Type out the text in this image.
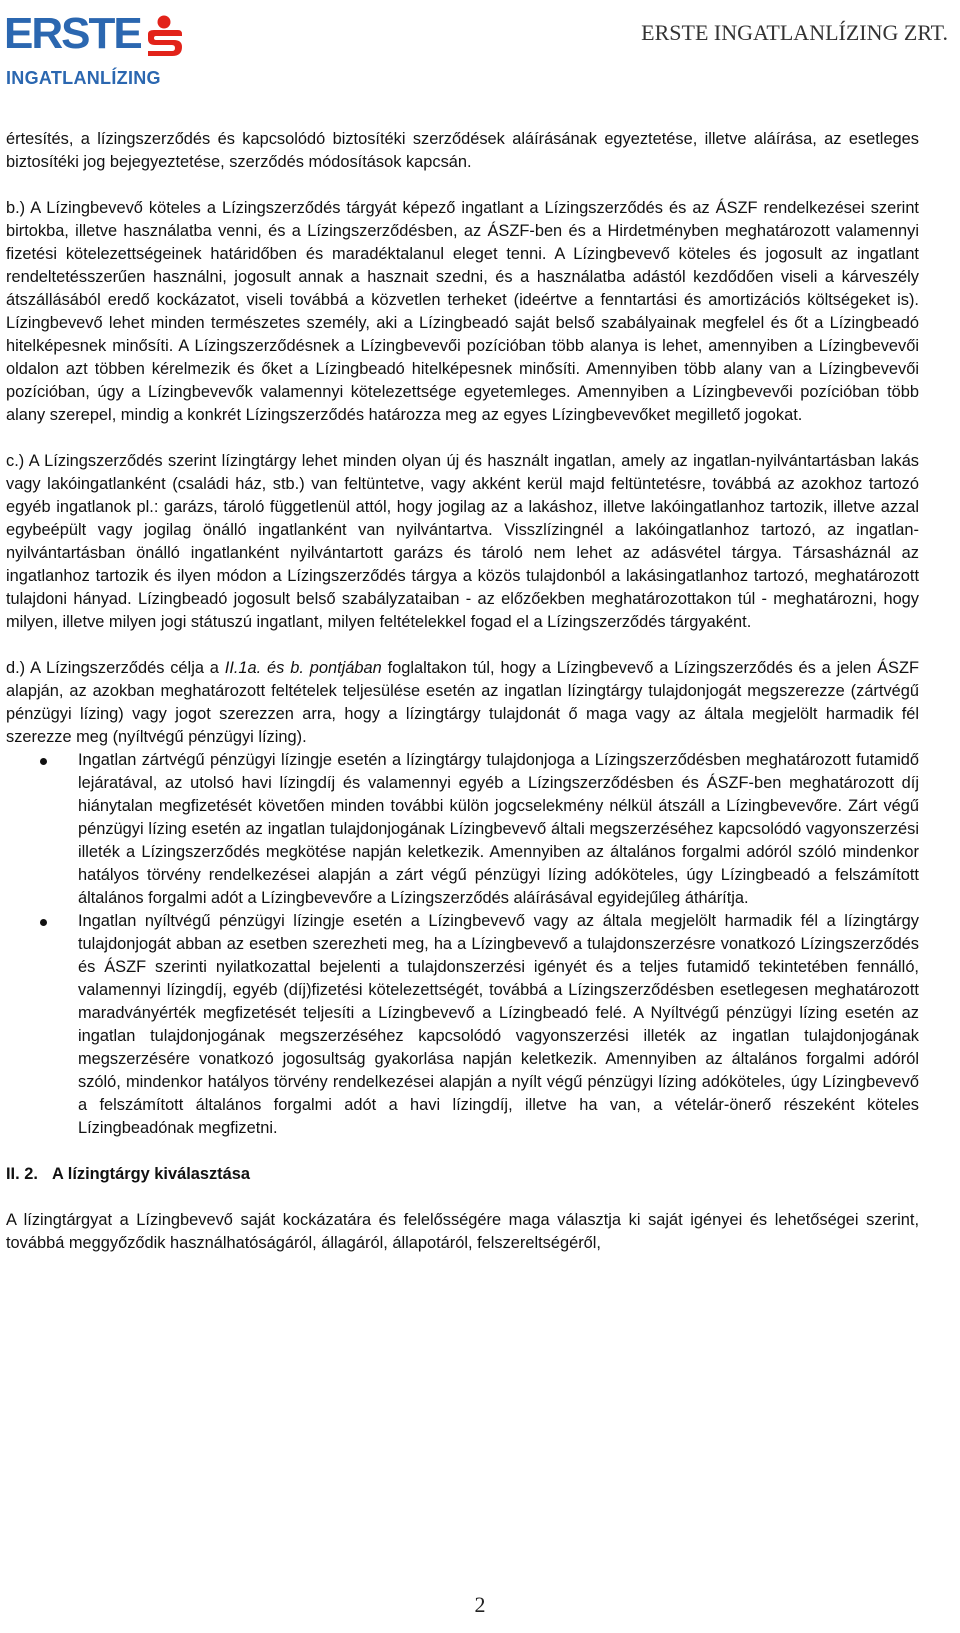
ERSTE
INGATLANLÍZING
ERSTE INGATLANLÍZING ZRT.

értesítés, a lízingszerződés és kapcsolódó biztosítéki szerződések aláírásának egyeztetése, illetve aláírása, az esetleges biztosítéki jog bejegyeztetése, szerződés módosítások kapcsán.

b.) A Lízingbevevő köteles a Lízingszerződés tárgyát képező ingatlant a Lízingszerződés és az ÁSZF rendelkezései szerint birtokba, illetve használatba venni, és a Lízingszerződésben, az ÁSZF-ben és a Hirdetményben meghatározott valamennyi fizetési kötelezettségeinek határidőben és maradéktalanul eleget tenni. A Lízingbevevő köteles és jogosult az ingatlant rendeltetésszerűen használni, jogosult annak a hasznait szedni, és a használatba adástól kezdődően viseli a kárveszély átszállásából eredő kockázatot, viseli továbbá a közvetlen terheket (ideértve a fenntartási és amortizációs költségeket is). Lízingbevevő lehet minden természetes személy, aki a Lízingbeadó saját belső szabályainak megfelel és őt a Lízingbeadó hitelképesnek minősíti. A Lízingszerződésnek a Lízingbevevői pozícióban több alanya is lehet, amennyiben a Lízingbevevői oldalon azt többen kérelmezik és őket a Lízingbeadó hitelképesnek minősíti. Amennyiben több alany van a Lízingbevevői pozícióban, úgy a Lízingbevevők valamennyi kötelezettsége egyetemleges. Amennyiben a Lízingbevevői pozícióban több alany szerepel, mindig a konkrét Lízingszerződés határozza meg az egyes Lízingbevevőket megillető jogokat.

c.) A Lízingszerződés szerint lízingtárgy lehet minden olyan új és használt ingatlan, amely az ingatlan-nyilvántartásban lakás vagy lakóingatlanként (családi ház, stb.) van feltüntetve, vagy akként kerül majd feltüntetésre, továbbá az azokhoz tartozó egyéb ingatlanok pl.: garázs, tároló függetlenül attól, hogy jogilag az a lakáshoz, illetve lakóingatlanhoz tartozik, illetve azzal egybeépült vagy jogilag önálló ingatlanként van nyilvántartva. Visszlízingnél a lakóingatlanhoz tartozó, az ingatlan-nyilvántartásban önálló ingatlanként nyilvántartott garázs és tároló nem lehet az adásvétel tárgya. Társasháznál az ingatlanhoz tartozik és ilyen módon a Lízingszerződés tárgya a közös tulajdonból a lakásingatlanhoz tartozó, meghatározott tulajdoni hányad. Lízingbeadó jogosult belső szabályzataiban - az előzőekben meghatározottakon túl - meghatározni, hogy milyen, illetve milyen jogi státuszú ingatlant, milyen feltételekkel fogad el a Lízingszerződés tárgyaként.

d.) A Lízingszerződés célja a II.1a. és b. pontjában foglaltakon túl, hogy a Lízingbevevő a Lízingszerződés és a jelen ÁSZF alapján, az azokban meghatározott feltételek teljesülése esetén az ingatlan lízingtárgy tulajdonjogát megszerezze (zártvégű pénzügyi lízing) vagy jogot szerezzen arra, hogy a lízingtárgy tulajdonát ő maga vagy az általa megjelölt harmadik fél szerezze meg (nyíltvégű pénzügyi lízing).

Ingatlan zártvégű pénzügyi lízingje esetén a lízingtárgy tulajdonjoga a Lízingszerződésben meghatározott futamidő lejáratával, az utolsó havi lízingdíj és valamennyi egyéb a Lízingszerződésben és ÁSZF-ben meghatározott díj hiánytalan megfizetését követően minden további külön jogcselekmény nélkül átszáll a Lízingbevevőre. Zárt végű pénzügyi lízing esetén az ingatlan tulajdonjogának Lízingbevevő általi megszerzéséhez kapcsolódó vagyonszerzési illeték a Lízingszerződés megkötése napján keletkezik. Amennyiben az általános forgalmi adóról szóló mindenkor hatályos törvény rendelkezései alapján a zárt végű pénzügyi lízing adóköteles, úgy Lízingbeadó a felszámított általános forgalmi adót a Lízingbevevőre a Lízingszerződés aláírásával egyidejűleg áthárítja.
Ingatlan nyíltvégű pénzügyi lízingje esetén a Lízingbevevő vagy az általa megjelölt harmadik fél a lízingtárgy tulajdonjogát abban az esetben szerezheti meg, ha a Lízingbevevő a tulajdonszerzésre vonatkozó Lízingszerződés és ÁSZF szerinti nyilatkozattal bejelenti a tulajdonszerzési igényét és a teljes futamidő tekintetében fennálló, valamennyi lízingdíj, egyéb (díj)fizetési kötelezettségét, továbbá a Lízingszerződésben esetlegesen meghatározott maradványérték megfizetését teljesíti a Lízingbevevő a Lízingbeadó felé. A Nyíltvégű pénzügyi lízing esetén az ingatlan tulajdonjogának megszerzéséhez kapcsolódó vagyonszerzési illeték az ingatlan tulajdonjogának megszerzésére vonatkozó jogosultság gyakorlása napján keletkezik. Amennyiben az általános forgalmi adóról szóló, mindenkor hatályos törvény rendelkezései alapján a nyílt végű pénzügyi lízing adóköteles, úgy Lízingbevevő a felszámított általános forgalmi adót a havi lízingdíj, illetve ha van, a vételár-önerő részeként köteles Lízingbeadónak megfizetni.
II. 2. A lízingtárgy kiválasztása

A lízingtárgyat a Lízingbevevő saját kockázatára és felelősségére maga választja ki saját igényei és lehetőségei szerint, továbbá meggyőződik használhatóságáról, állagáról, állapotáról, felszereltségéről,

2
